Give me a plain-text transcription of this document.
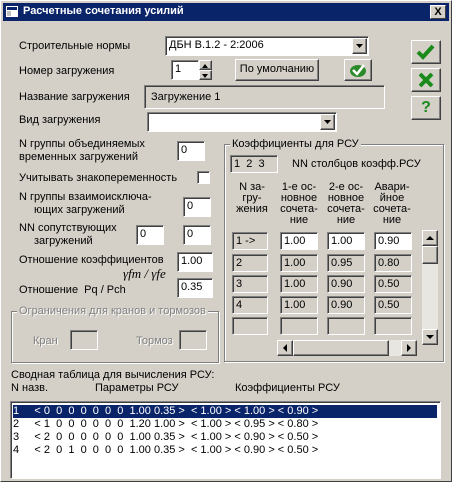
Расчетные сочетания усилий	X
Строительные нормы	ДБН В.1.2 - 2:2006
Номер загружения	1	По умолчанию
Название загружения Загружение 1
Вид загружения
N группы объединяемых
временных загружений
0
Учитывать знакопеременность
N группы взаимоисключа-
ющих загружений	0
NN сопутствующих
загружений
0	0
Отношение коэффициентов
γfm / γfe
1.00
Отношение  Pq / Pch	0.35
Ограничения для кранов и тормозов
Кран	Тормоз
?
Коэффициенты для РСУ
1  2  3 NN столбцов коэфф.РСУ
N за-
гру-
жения
1-е ос-
новное
сочета-
ние
2-е ос-
новное
сочета-
ние
Авари-
йное
сочета-
ние
1 ->	1.00	1.00	0.90
2	1.00	0.95	0.80
3	1.00	0.90	0.50
4	1.00	0.90	0.50
Сводная таблица для вычисления РСУ:
N назв.	Параметры РСУ	Коэффициенты РСУ
1     < 0  0  0  0  0  0  0  1.00 0.35 >  < 1.00 > < 1.00 > < 0.90 >
2     < 1  0  0  0  0  0  0  1.20 1.00 >  < 1.00 > < 0.95 > < 0.80 >
3     < 2  0  0  0  0  0  0  1.00 0.35 >  < 1.00 > < 0.90 > < 0.50 >
4     < 2  0  1  0  0  0  0  1.00 0.35 >  < 1.00 > < 0.90 > < 0.50 >
